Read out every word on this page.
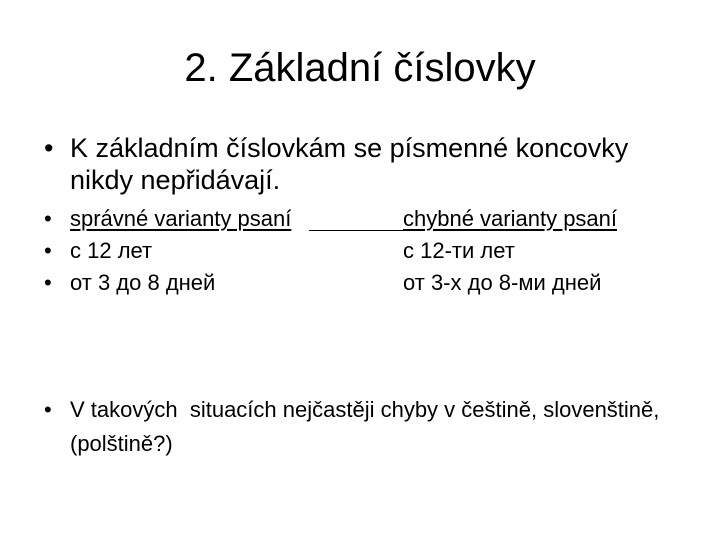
2. Základní číslovky
• K základním číslovkám se písmenné koncovky nikdy nepřidávají.
• správné varianty psaní	chybné varianty psaní
• с 12 лет	с 12-ти лет
• от 3 до 8 дней	от 3-х до 8-ми дней
• V takových  situacích nejčastěji chyby v češtině, slovenštině, (polštině?)
